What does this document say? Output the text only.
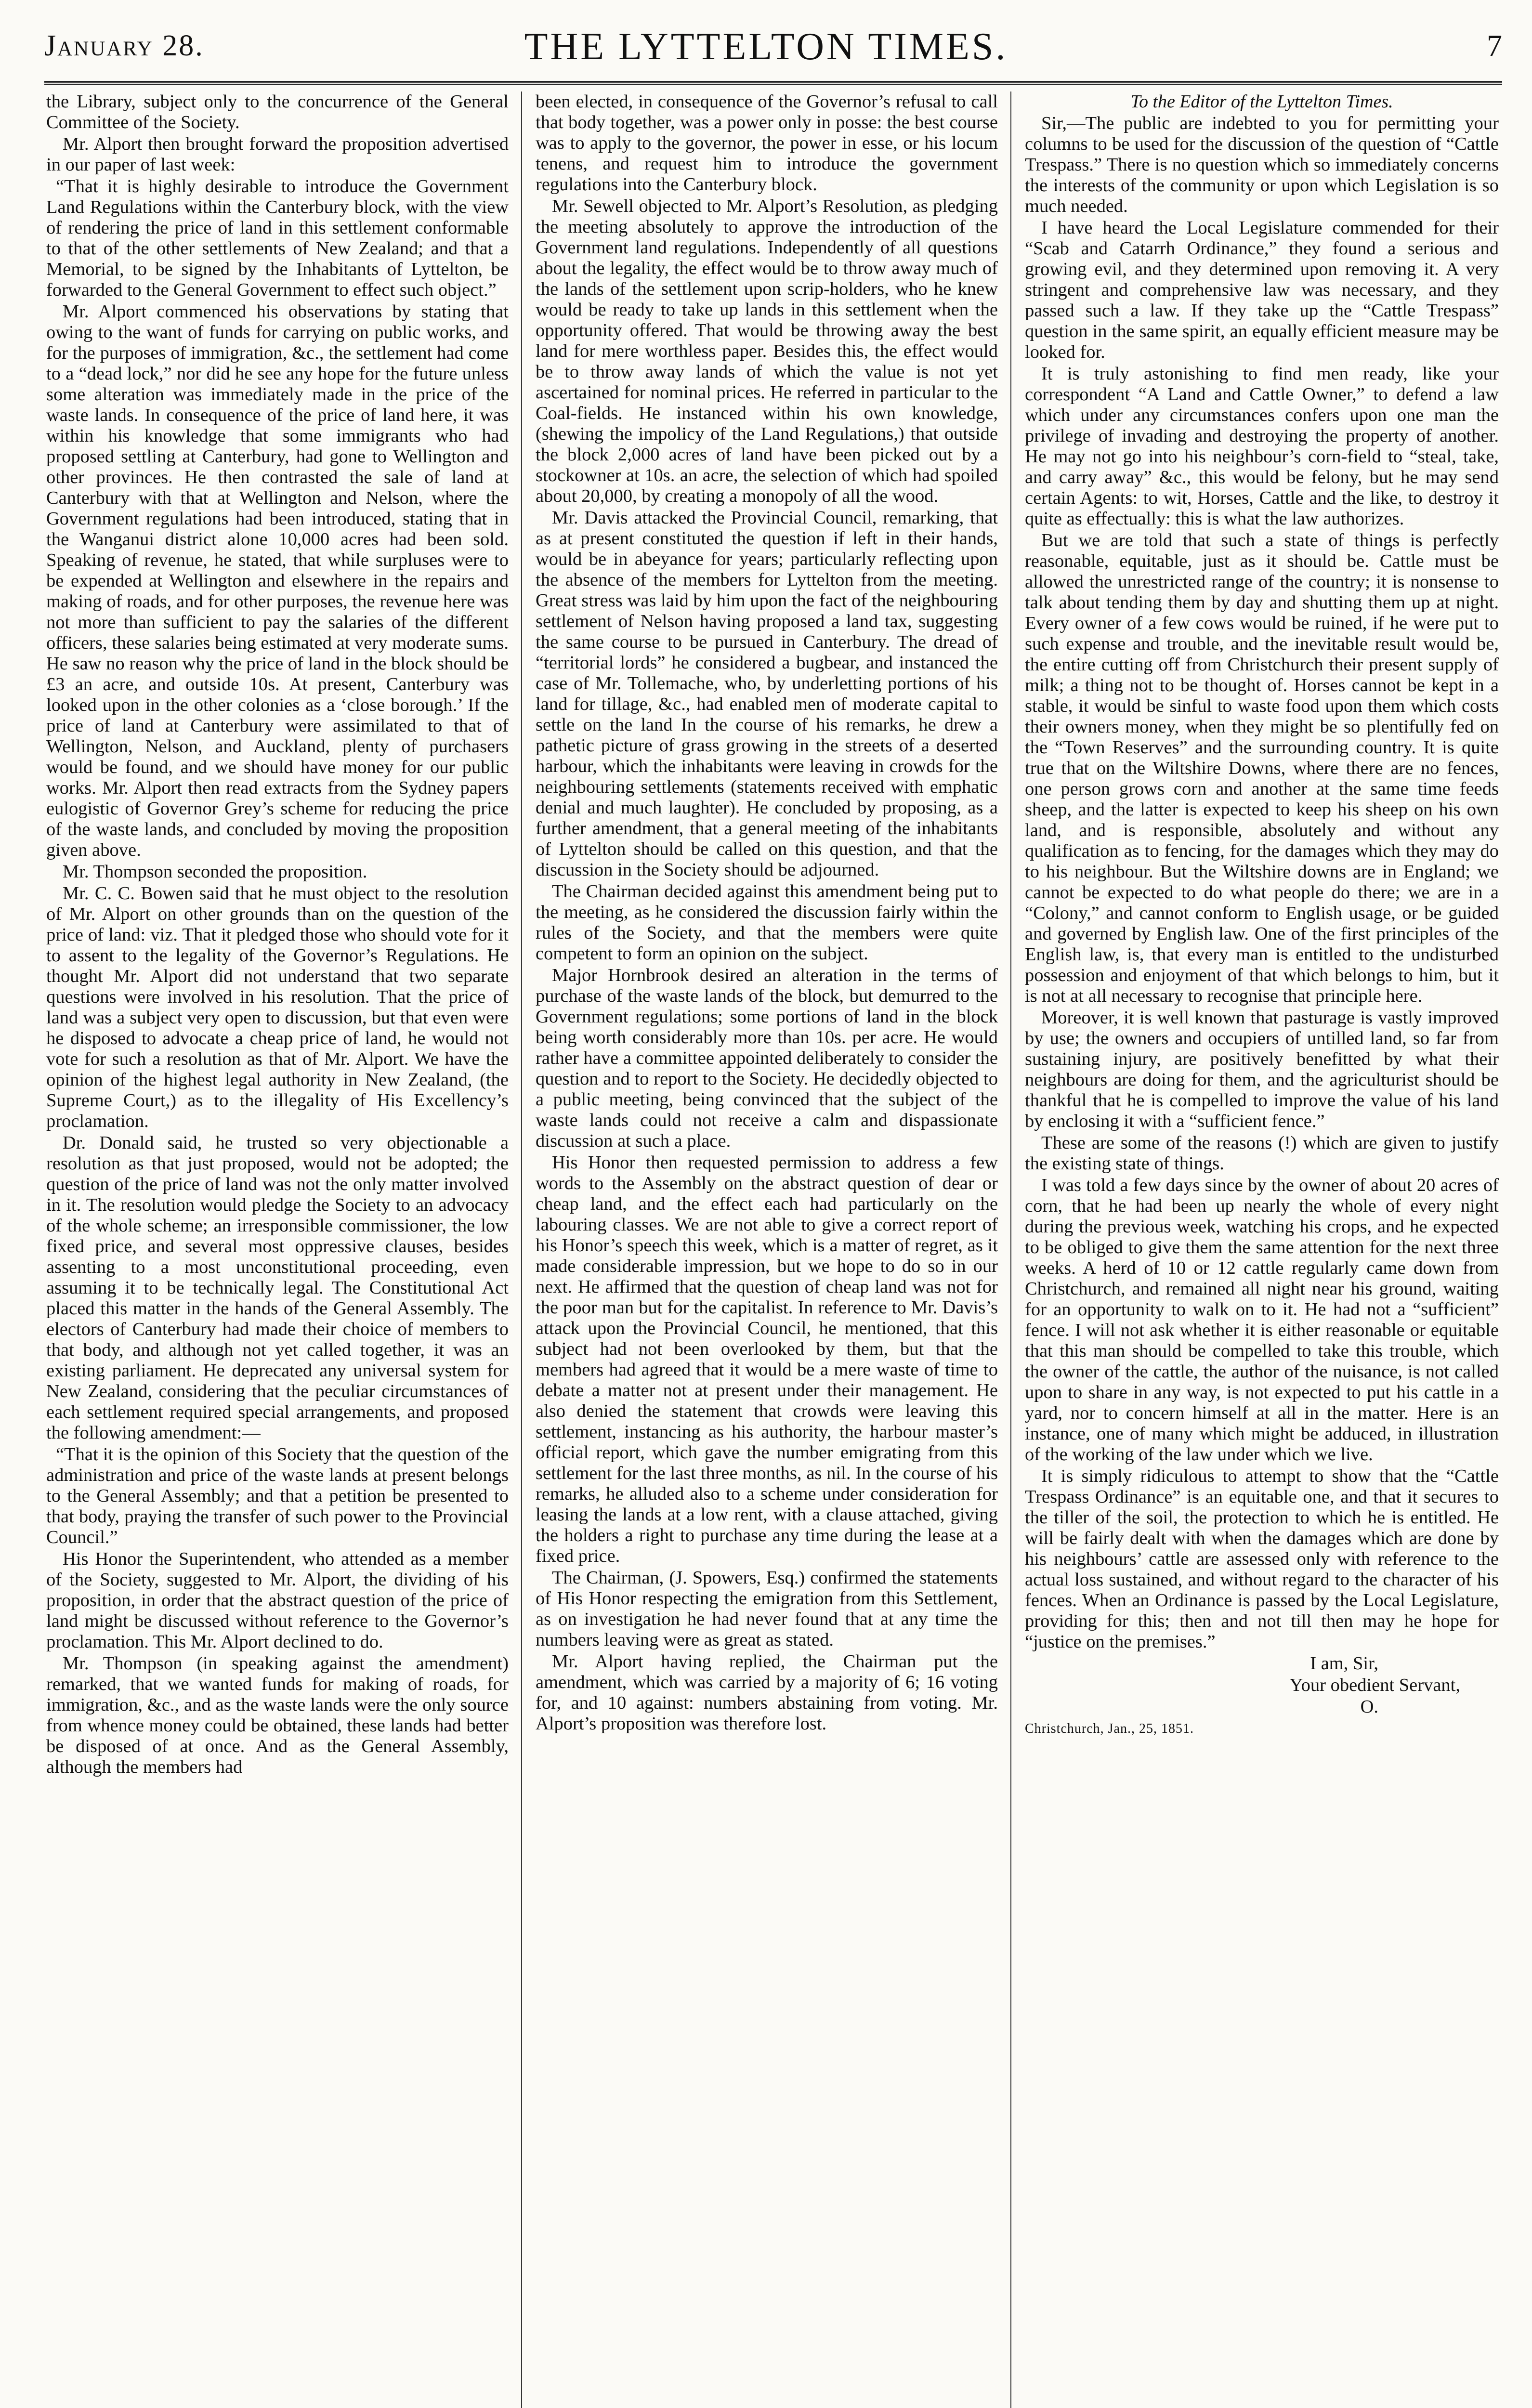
January 28.	THE LYTTELTON TIMES.	7

the Library, subject only to the concurrence of the General Committee of the Society.

Mr. Alport then brought forward the proposition advertised in our paper of last week:

“That it is highly desirable to introduce the Government Land Regulations within the Canterbury block, with the view of rendering the price of land in this settlement conformable to that of the other settlements of New Zealand; and that a Memorial, to be signed by the Inhabitants of Lyttelton, be forwarded to the General Government to effect such object.”

Mr. Alport commenced his observations by stating that owing to the want of funds for carrying on public works, and for the purposes of immigration, &c., the settlement had come to a “dead lock,” nor did he see any hope for the future unless some alteration was immediately made in the price of the waste lands. In consequence of the price of land here, it was within his knowledge that some immigrants who had proposed settling at Canterbury, had gone to Wellington and other provinces. He then contrasted the sale of land at Canterbury with that at Wellington and Nelson, where the Government regulations had been introduced, stating that in the Wanganui district alone 10,000 acres had been sold. Speaking of revenue, he stated, that while surpluses were to be expended at Wellington and elsewhere in the repairs and making of roads, and for other purposes, the revenue here was not more than sufficient to pay the salaries of the different officers, these salaries being estimated at very moderate sums. He saw no reason why the price of land in the block should be £3 an acre, and outside 10s. At present, Canterbury was looked upon in the other colonies as a ‘close borough.’ If the price of land at Canterbury were assimilated to that of Wellington, Nelson, and Auckland, plenty of purchasers would be found, and we should have money for our public works. Mr. Alport then read extracts from the Sydney papers eulogistic of Governor Grey’s scheme for reducing the price of the waste lands, and concluded by moving the proposition given above.

Mr. Thompson seconded the proposition.

Mr. C. C. Bowen said that he must object to the resolution of Mr. Alport on other grounds than on the question of the price of land: viz. That it pledged those who should vote for it to assent to the legality of the Governor’s Regulations. He thought Mr. Alport did not understand that two separate questions were involved in his resolution. That the price of land was a subject very open to discussion, but that even were he disposed to advocate a cheap price of land, he would not vote for such a resolution as that of Mr. Alport. We have the opinion of the highest legal authority in New Zealand, (the Supreme Court,) as to the illegality of His Excellency’s proclamation.

Dr. Donald said, he trusted so very objectionable a resolution as that just proposed, would not be adopted; the question of the price of land was not the only matter involved in it. The resolution would pledge the Society to an advocacy of the whole scheme; an irresponsible commissioner, the low fixed price, and several most oppressive clauses, besides assenting to a most unconstitutional proceeding, even assuming it to be technically legal. The Constitutional Act placed this matter in the hands of the General Assembly. The electors of Canterbury had made their choice of members to that body, and although not yet called together, it was an existing parliament. He deprecated any universal system for New Zealand, considering that the peculiar circumstances of each settlement required special arrangements, and proposed the following amendment:—

“That it is the opinion of this Society that the question of the administration and price of the waste lands at present belongs to the General Assembly; and that a petition be presented to that body, praying the transfer of such power to the Provincial Council.”

His Honor the Superintendent, who attended as a member of the Society, suggested to Mr. Alport, the dividing of his proposition, in order that the abstract question of the price of land might be discussed without reference to the Governor’s proclamation. This Mr. Alport declined to do.

Mr. Thompson (in speaking against the amendment) remarked, that we wanted funds for making of roads, for immigration, &c., and as the waste lands were the only source from whence money could be obtained, these lands had better be disposed of at once. And as the General Assembly, although the members had

been elected, in consequence of the Governor’s refusal to call that body together, was a power only in posse: the best course was to apply to the governor, the power in esse, or his locum tenens, and request him to introduce the government regulations into the Canterbury block.

Mr. Sewell objected to Mr. Alport’s Resolution, as pledging the meeting absolutely to approve the introduction of the Government land regulations. Independently of all questions about the legality, the effect would be to throw away much of the lands of the settlement upon scrip-holders, who he knew would be ready to take up lands in this settlement when the opportunity offered. That would be throwing away the best land for mere worthless paper. Besides this, the effect would be to throw away lands of which the value is not yet ascertained for nominal prices. He referred in particular to the Coal-fields. He instanced within his own knowledge, (shewing the impolicy of the Land Regulations,) that outside the block 2,000 acres of land have been picked out by a stockowner at 10s. an acre, the selection of which had spoiled about 20,000, by creating a monopoly of all the wood.

Mr. Davis attacked the Provincial Council, remarking, that as at present constituted the question if left in their hands, would be in abeyance for years; particularly reflecting upon the absence of the members for Lyttelton from the meeting. Great stress was laid by him upon the fact of the neighbouring settlement of Nelson having proposed a land tax, suggesting the same course to be pursued in Canterbury. The dread of “territorial lords” he considered a bugbear, and instanced the case of Mr. Tollemache, who, by underletting portions of his land for tillage, &c., had enabled men of moderate capital to settle on the land In the course of his remarks, he drew a pathetic picture of grass growing in the streets of a deserted harbour, which the inhabitants were leaving in crowds for the neighbouring settlements (statements received with emphatic denial and much laughter). He concluded by proposing, as a further amendment, that a general meeting of the inhabitants of Lyttelton should be called on this question, and that the discussion in the Society should be adjourned.

The Chairman decided against this amendment being put to the meeting, as he considered the discussion fairly within the rules of the Society, and that the members were quite competent to form an opinion on the subject.

Major Hornbrook desired an alteration in the terms of purchase of the waste lands of the block, but demurred to the Government regulations; some portions of land in the block being worth considerably more than 10s. per acre. He would rather have a committee appointed deliberately to consider the question and to report to the Society. He decidedly objected to a public meeting, being convinced that the subject of the waste lands could not receive a calm and dispassionate discussion at such a place.

His Honor then requested permission to address a few words to the Assembly on the abstract question of dear or cheap land, and the effect each had particularly on the labouring classes. We are not able to give a correct report of his Honor’s speech this week, which is a matter of regret, as it made considerable impression, but we hope to do so in our next. He affirmed that the question of cheap land was not for the poor man but for the capitalist. In reference to Mr. Davis’s attack upon the Provincial Council, he mentioned, that this subject had not been overlooked by them, but that the members had agreed that it would be a mere waste of time to debate a matter not at present under their management. He also denied the statement that crowds were leaving this settlement, instancing as his authority, the harbour master’s official report, which gave the number emigrating from this settlement for the last three months, as nil. In the course of his remarks, he alluded also to a scheme under consideration for leasing the lands at a low rent, with a clause attached, giving the holders a right to purchase any time during the lease at a fixed price.

The Chairman, (J. Spowers, Esq.) confirmed the statements of His Honor respecting the emigration from this Settlement, as on investigation he had never found that at any time the numbers leaving were as great as stated.

Mr. Alport having replied, the Chairman put the amendment, which was carried by a majority of 6; 16 voting for, and 10 against: numbers abstaining from voting. Mr. Alport’s proposition was therefore lost.

To the Editor of the Lyttelton Times.

Sir,—The public are indebted to you for permitting your columns to be used for the discussion of the question of “Cattle Trespass.” There is no question which so immediately concerns the interests of the community or upon which Legislation is so much needed.

I have heard the Local Legislature commended for their “Scab and Catarrh Ordinance,” they found a serious and growing evil, and they determined upon removing it. A very stringent and comprehensive law was necessary, and they passed such a law. If they take up the “Cattle Trespass” question in the same spirit, an equally efficient measure may be looked for.

It is truly astonishing to find men ready, like your correspondent “A Land and Cattle Owner,” to defend a law which under any circumstances confers upon one man the privilege of invading and destroying the property of another. He may not go into his neighbour’s corn-field to “steal, take, and carry away” &c., this would be felony, but he may send certain Agents: to wit, Horses, Cattle and the like, to destroy it quite as effectually: this is what the law authorizes.

But we are told that such a state of things is perfectly reasonable, equitable, just as it should be. Cattle must be allowed the unrestricted range of the country; it is nonsense to talk about tending them by day and shutting them up at night. Every owner of a few cows would be ruined, if he were put to such expense and trouble, and the inevitable result would be, the entire cutting off from Christchurch their present supply of milk; a thing not to be thought of. Horses cannot be kept in a stable, it would be sinful to waste food upon them which costs their owners money, when they might be so plentifully fed on the “Town Reserves” and the surrounding country. It is quite true that on the Wiltshire Downs, where there are no fences, one person grows corn and another at the same time feeds sheep, and the latter is expected to keep his sheep on his own land, and is responsible, absolutely and without any qualification as to fencing, for the damages which they may do to his neighbour. But the Wiltshire downs are in England; we cannot be expected to do what people do there; we are in a “Colony,” and cannot conform to English usage, or be guided and governed by English law. One of the first principles of the English law, is, that every man is entitled to the undisturbed possession and enjoyment of that which belongs to him, but it is not at all necessary to recognise that principle here.

Moreover, it is well known that pasturage is vastly improved by use; the owners and occupiers of untilled land, so far from sustaining injury, are positively benefitted by what their neighbours are doing for them, and the agriculturist should be thankful that he is compelled to improve the value of his land by enclosing it with a “sufficient fence.”

These are some of the reasons (!) which are given to justify the existing state of things.

I was told a few days since by the owner of about 20 acres of corn, that he had been up nearly the whole of every night during the previous week, watching his crops, and he expected to be obliged to give them the same attention for the next three weeks. A herd of 10 or 12 cattle regularly came down from Christchurch, and remained all night near his ground, waiting for an opportunity to walk on to it. He had not a “sufficient” fence. I will not ask whether it is either reasonable or equitable that this man should be compelled to take this trouble, which the owner of the cattle, the author of the nuisance, is not called upon to share in any way, is not expected to put his cattle in a yard, nor to concern himself at all in the matter. Here is an instance, one of many which might be adduced, in illustration of the working of the law under which we live.

It is simply ridiculous to attempt to show that the “Cattle Trespass Ordinance” is an equitable one, and that it secures to the tiller of the soil, the protection to which he is entitled. He will be fairly dealt with when the damages which are done by his neighbours’ cattle are assessed only with reference to the actual loss sustained, and without regard to the character of his fences. When an Ordinance is passed by the Local Legislature, providing for this; then and not till then may he hope for “justice on the premises.”

I am, Sir,

Your obedient Servant,

O.

Christchurch, Jan., 25, 1851.
